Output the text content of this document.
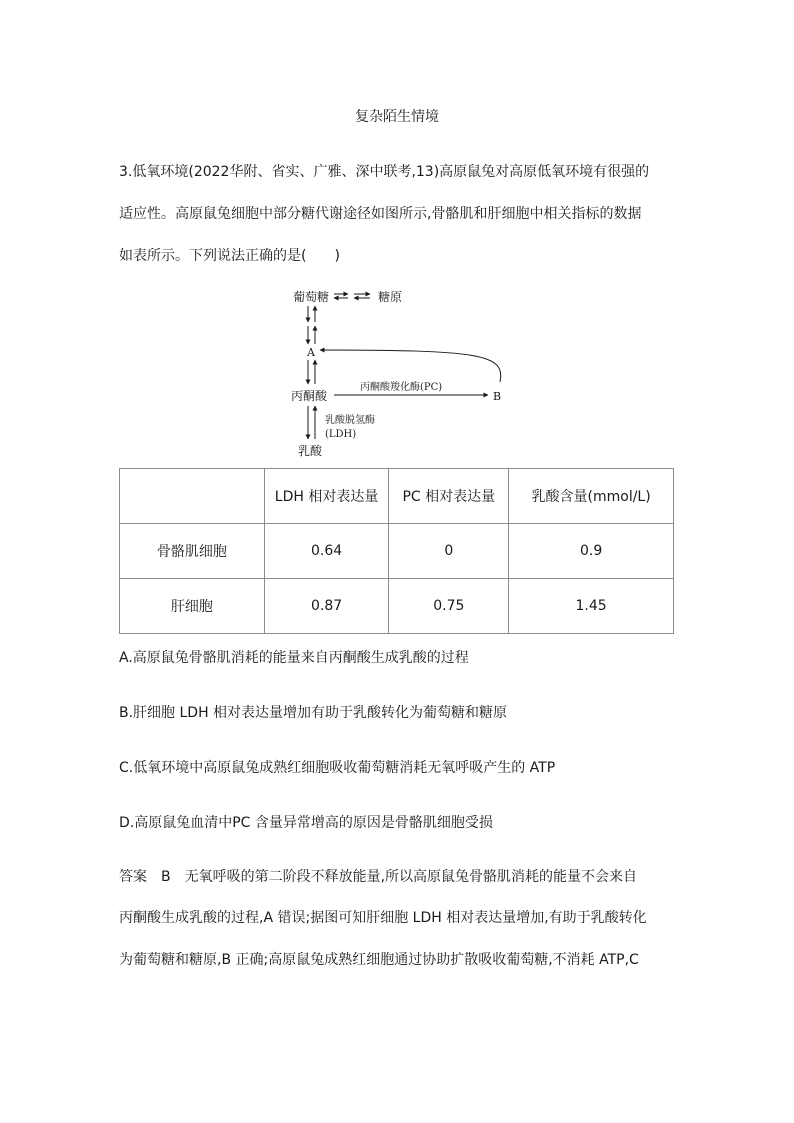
复杂陌生情境
3.低氧环境(2022华附、省实、广雅、深中联考,13)高原鼠兔对高原低氧环境有很强的
适应性。高原鼠兔细胞中部分糖代谢途径如图所示,骨骼肌和肝细胞中相关指标的数据
如表所示。下列说法正确的是(　　)
葡萄糖	糖原
A
丙酮酸
丙酮酸羧化酶(PC)
B
乳酸脱氢酶
(LDH)
乳酸
	LDH 相对表达量	PC 相对表达量	乳酸含量(mmol/L)
骨骼肌细胞	0.64	0	0.9
肝细胞	0.87	0.75	1.45
A.高原鼠兔骨骼肌消耗的能量来自丙酮酸生成乳酸的过程
B.肝细胞 LDH 相对表达量增加有助于乳酸转化为葡萄糖和糖原
C.低氧环境中高原鼠兔成熟红细胞吸收葡萄糖消耗无氧呼吸产生的 ATP
D.高原鼠兔血清中PC 含量异常增高的原因是骨骼肌细胞受损
答案 B 无氧呼吸的第二阶段不释放能量,所以高原鼠兔骨骼肌消耗的能量不会来自
丙酮酸生成乳酸的过程,A 错误;据图可知肝细胞 LDH 相对表达量增加,有助于乳酸转化
为葡萄糖和糖原,B 正确;高原鼠兔成熟红细胞通过协助扩散吸收葡萄糖,不消耗 ATP,C
